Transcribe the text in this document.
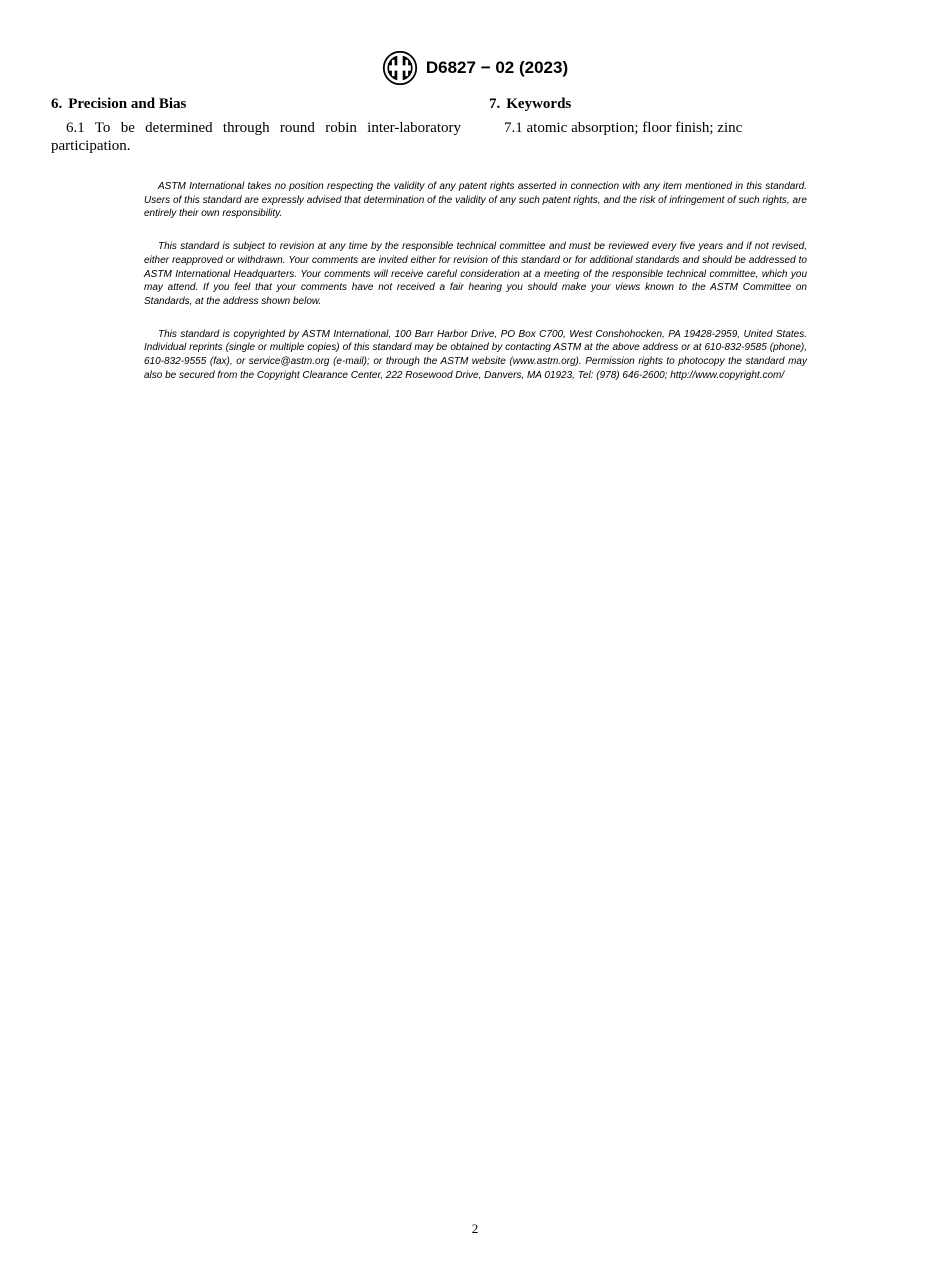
D6827 − 02 (2023)
6. Precision and Bias

6.1 To be determined through round robin inter-laboratory participation.

7. Keywords

7.1 atomic absorption; floor finish; zinc

ASTM International takes no position respecting the validity of any patent rights asserted in connection with any item mentioned in this standard. Users of this standard are expressly advised that determination of the validity of any such patent rights, and the risk of infringement of such rights, are entirely their own responsibility.

This standard is subject to revision at any time by the responsible technical committee and must be reviewed every five years and if not revised, either reapproved or withdrawn. Your comments are invited either for revision of this standard or for additional standards and should be addressed to ASTM International Headquarters. Your comments will receive careful consideration at a meeting of the responsible technical committee, which you may attend. If you feel that your comments have not received a fair hearing you should make your views known to the ASTM Committee on Standards, at the address shown below.

This standard is copyrighted by ASTM International, 100 Barr Harbor Drive, PO Box C700, West Conshohocken, PA 19428-2959, United States. Individual reprints (single or multiple copies) of this standard may be obtained by contacting ASTM at the above address or at 610-832-9585 (phone), 610-832-9555 (fax), or service@astm.org (e-mail); or through the ASTM website (www.astm.org). Permission rights to photocopy the standard may also be secured from the Copyright Clearance Center, 222 Rosewood Drive, Danvers, MA 01923, Tel: (978) 646-2600; http://www.copyright.com/

2
